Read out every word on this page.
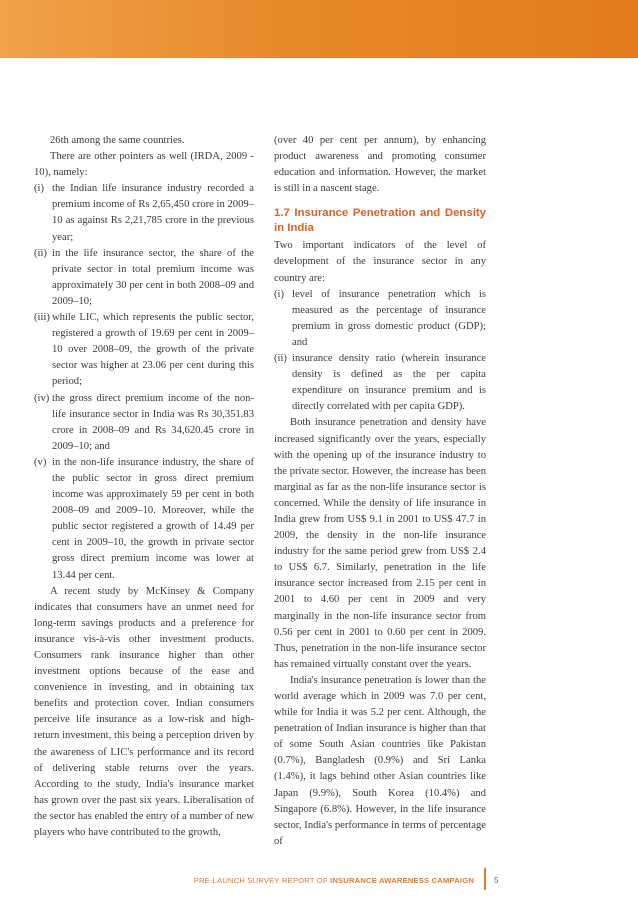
26th among the same countries.

There are other pointers as well (IRDA, 2009 - 10), namely:

(i) the Indian life insurance industry recorded a premium income of Rs 2,65,450 crore in 2009–10 as against Rs 2,21,785 crore in the previous year;
(ii) in the life insurance sector, the share of the private sector in total premium income was approximately 30 per cent in both 2008–09 and 2009–10;
(iii) while LIC, which represents the public sector, registered a growth of 19.69 per cent in 2009–10 over 2008–09, the growth of the private sector was higher at 23.06 per cent during this period;
(iv) the gross direct premium income of the non-life insurance sector in India was Rs 30,351.83 crore in 2008–09 and Rs 34,620.45 crore in 2009–10; and
(v) in the non-life insurance industry, the share of the public sector in gross direct premium income was approximately 59 per cent in both 2008–09 and 2009–10. Moreover, while the public sector registered a growth of 14.49 per cent in 2009–10, the growth in private sector gross direct premium income was lower at 13.44 per cent.

A recent study by McKinsey & Company indicates that consumers have an unmet need for long-term savings products and a preference for insurance vis-à-vis other investment products. Consumers rank insurance higher than other investment options because of the ease and convenience in investing, and in obtaining tax benefits and protection cover. Indian consumers perceive life insurance as a low-risk and high-return investment, this being a perception driven by the awareness of LIC's performance and its record of delivering stable returns over the years. According to the study, India's insurance market has grown over the past six years. Liberalisation of the sector has enabled the entry of a number of new players who have contributed to the growth,

(over 40 per cent per annum), by enhancing product awareness and promoting consumer education and information. However, the market is still in a nascent stage.

1.7 Insurance Penetration and Density in India

Two important indicators of the level of development of the insurance sector in any country are:

(i) level of insurance penetration which is measured as the percentage of insurance premium in gross domestic product (GDP); and
(ii) insurance density ratio (wherein insurance density is defined as the per capita expenditure on insurance premium and is directly correlated with per capita GDP).

Both insurance penetration and density have increased significantly over the years, especially with the opening up of the insurance industry to the private sector. However, the increase has been marginal as far as the non-life insurance sector is concerned. While the density of life insurance in India grew from US$ 9.1 in 2001 to US$ 47.7 in 2009, the density in the non-life insurance industry for the same period grew from US$ 2.4 to US$ 6.7. Similarly, penetration in the life insurance sector increased from 2.15 per cent in 2001 to 4.60 per cent in 2009 and very marginally in the non-life insurance sector from 0.56 per cent in 2001 to 0.60 per cent in 2009. Thus, penetration in the non-life insurance sector has remained virtually constant over the years.

India's insurance penetration is lower than the world average which in 2009 was 7.0 per cent, while for India it was 5.2 per cent. Although, the penetration of Indian insurance is higher than that of some South Asian countries like Pakistan (0.7%), Bangladesh (0.9%) and Sri Lanka (1.4%), it lags behind other Asian countries like Japan (9.9%), South Korea (10.4%) and Singapore (6.8%). However, in the life insurance sector, India's performance in terms of percentage of

PRE-LAUNCH SURVEY REPORT OF INSURANCE AWARENESS CAMPAIGN	5
